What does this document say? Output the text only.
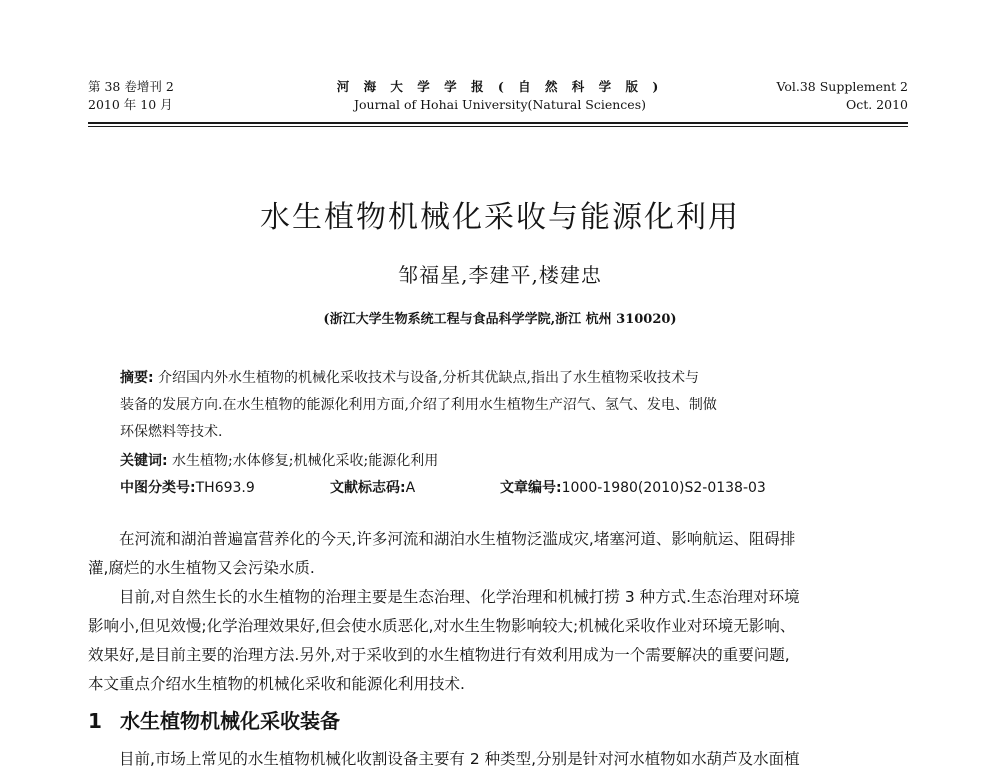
第 38 卷增刊 2
2010 年 10 月
河 海 大 学 学 报 ( 自 然 科 学 版 )
Journal of Hohai University(Natural Sciences)
Vol.38 Supplement 2
Oct. 2010
水生植物机械化采收与能源化利用
邹福星,李建平,楼建忠
(浙江大学生物系统工程与食品科学学院,浙江 杭州 310020)
摘要: 介绍国内外水生植物的机械化采收技术与设备,分析其优缺点,指出了水生植物采收技术与
装备的发展方向.在水生植物的能源化利用方面,介绍了利用水生植物生产沼气、氢气、发电、制做
环保燃料等技术.
关键词: 水生植物;水体修复;机械化采收;能源化利用
中图分类号:TH693.9	文献标志码:A	文章编号:1000-1980(2010)S2-0138-03
在河流和湖泊普遍富营养化的今天,许多河流和湖泊水生植物泛滥成灾,堵塞河道、影响航运、阻碍排
灌,腐烂的水生植物又会污染水质.
目前,对自然生长的水生植物的治理主要是生态治理、化学治理和机械打捞 3 种方式.生态治理对环境
影响小,但见效慢;化学治理效果好,但会使水质恶化,对水生生物影响较大;机械化采收作业对环境无影响、
效果好,是目前主要的治理方法.另外,对于采收到的水生植物进行有效利用成为一个需要解决的重要问题,
本文重点介绍水生植物的机械化采收和能源化利用技术.
1 水生植物机械化采收装备
目前,市场上常见的水生植物机械化收割设备主要有 2 种类型,分别是针对河水植物如水葫芦及水面植
